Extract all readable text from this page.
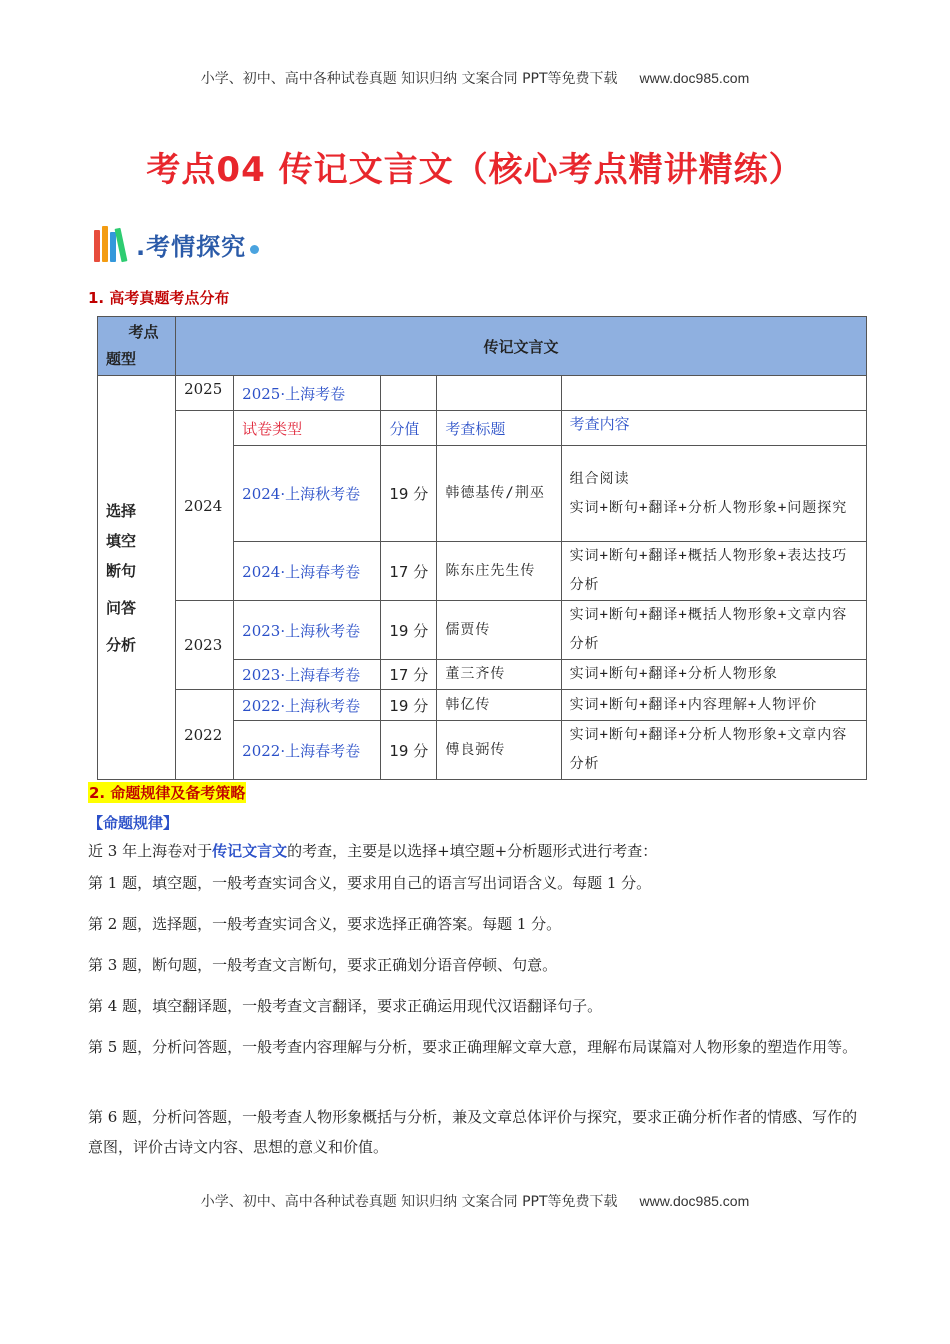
小学、初中、高中各种试卷真题 知识归纳 文案合同 PPT等免费下载 www.doc985.com
考点04 传记文言文（核心考点精讲精练）
.考情探究
1. 高考真题考点分布
考点
题型	传记文言文				

选择
填空
断句
问答
分析	2025	2025·上海考卷			
	2024	试卷类型	分值	考查标题	考查内容
		2024·上海秋考卷	19 分	韩德基传/荆巫	组合阅读
实词+断句+翻译+分析人物形象+问题探究
		2024·上海春考卷	17 分	陈东庄先生传	实词+断句+翻译+概括人物形象+表达技巧分析
	2023	2023·上海秋考卷	19 分	儒贾传	实词+断句+翻译+概括人物形象+文章内容分析
		2023·上海春考卷	17 分	董三齐传	实词+断句+翻译+分析人物形象
	2022	2022·上海秋考卷	19 分	韩亿传	实词+断句+翻译+内容理解+人物评价
		2022·上海春考卷	19 分	傅良弼传	实词+断句+翻译+分析人物形象+文章内容分析
2. 命题规律及备考策略
【命题规律】
近 3 年上海卷对于传记文言文的考查，主要是以选择+填空题+分析题形式进行考查：
第 1 题，填空题，一般考查实词含义，要求用自己的语言写出词语含义。每题 1 分。
第 2 题，选择题，一般考查实词含义，要求选择正确答案。每题 1 分。
第 3 题，断句题，一般考查文言断句，要求正确划分语音停顿、句意。
第 4 题，填空翻译题，一般考查文言翻译，要求正确运用现代汉语翻译句子。
第 5 题，分析问答题，一般考查内容理解与分析，要求正确理解文章大意，理解布局谋篇对人物形象的塑造作用等。
第 6 题，分析问答题，一般考查人物形象概括与分析，兼及文章总体评价与探究，要求正确分析作者的情感、写作的意图，评价古诗文内容、思想的意义和价值。
小学、初中、高中各种试卷真题 知识归纳 文案合同 PPT等免费下载 www.doc985.com
